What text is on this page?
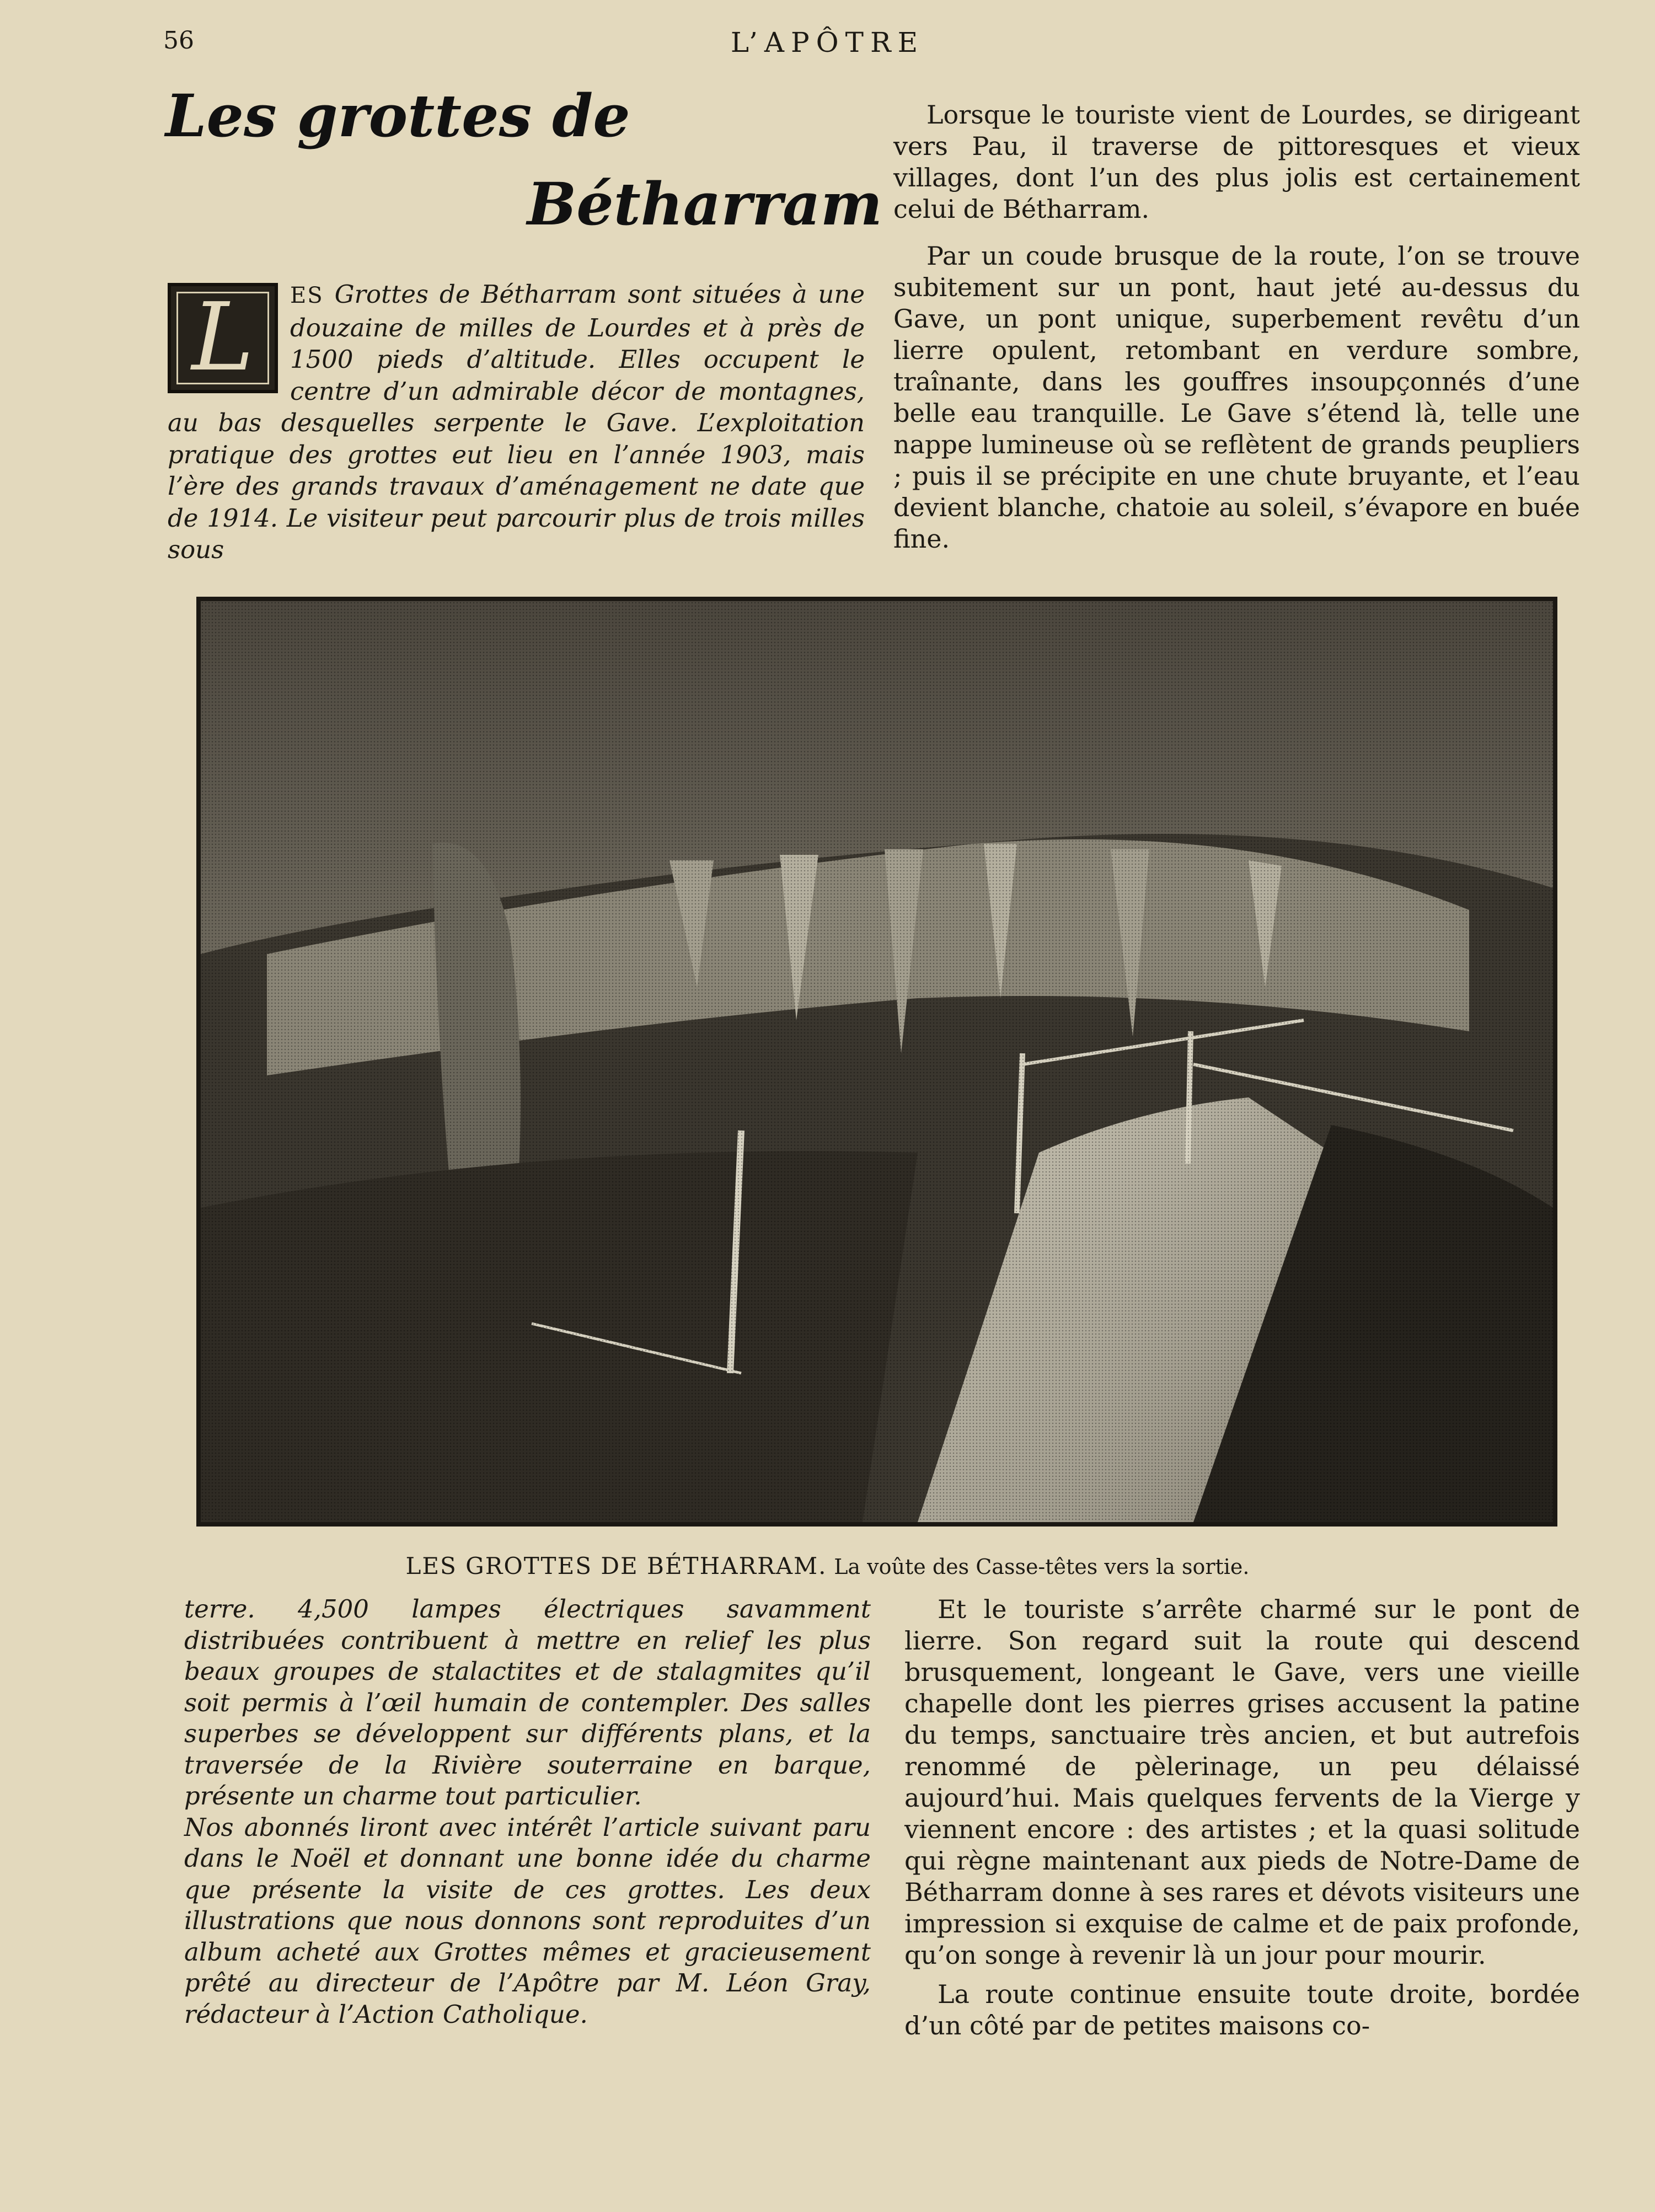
56	L’APÔTRE
Les grottes de
Bétharram
L	ES Grottes de Bétharram sont situées à une douzaine de milles de Lourdes et à près de 1500 pieds d’altitude. Elles occupent le centre d’un admirable décor de montagnes, au bas desquelles serpente le Gave. L’exploitation pratique des grottes eut lieu en l’année 1903, mais l’ère des grands travaux d’aménagement ne date que de 1914. Le visiteur peut parcourir plus de trois milles sous

Lorsque le touriste vient de Lourdes, se dirigeant vers Pau, il traverse de pittoresques et vieux villages, dont l’un des plus jolis est certainement celui de Bétharram.

Par un coude brusque de la route, l’on se trouve subitement sur un pont, haut jeté au-dessus du Gave, un pont unique, superbement revêtu d’un lierre opulent, retombant en verdure sombre, traînante, dans les gouffres insoupçonnés d’une belle eau tranquille. Le Gave s’étend là, telle une nappe lumineuse où se reflètent de grands peupliers ; puis il se précipite en une chute bruyante, et l’eau devient blanche, chatoie au soleil, s’évapore en buée fine.

LES GROTTES DE BÉTHARRAM. La voûte des Casse-têtes vers la sortie.

terre. 4,500 lampes électriques savamment distribuées contribuent à mettre en relief les plus beaux groupes de stalactites et de stalagmites qu’il soit permis à l’œil humain de contempler. Des salles superbes se développent sur différents plans, et la traversée de la Rivière souterraine en barque, présente un charme tout particulier.

Nos abonnés liront avec intérêt l’article suivant paru dans le Noël et donnant une bonne idée du charme que présente la visite de ces grottes. Les deux illustrations que nous donnons sont reproduites d’un album acheté aux Grottes mêmes et gracieusement prêté au directeur de l’Apôtre par M. Léon Gray, rédacteur à l’Action Catholique.

Et le touriste s’arrête charmé sur le pont de lierre. Son regard suit la route qui descend brusquement, longeant le Gave, vers une vieille chapelle dont les pierres grises accusent la patine du temps, sanctuaire très ancien, et but autrefois renommé de pèlerinage, un peu délaissé aujourd’hui. Mais quelques fervents de la Vierge y viennent encore : des artistes ; et la quasi solitude qui règne maintenant aux pieds de Notre-Dame de Bétharram donne à ses rares et dévots visiteurs une impression si exquise de calme et de paix profonde, qu’on songe à revenir là un jour pour mourir.

La route continue ensuite toute droite, bordée d’un côté par de petites maisons co-
